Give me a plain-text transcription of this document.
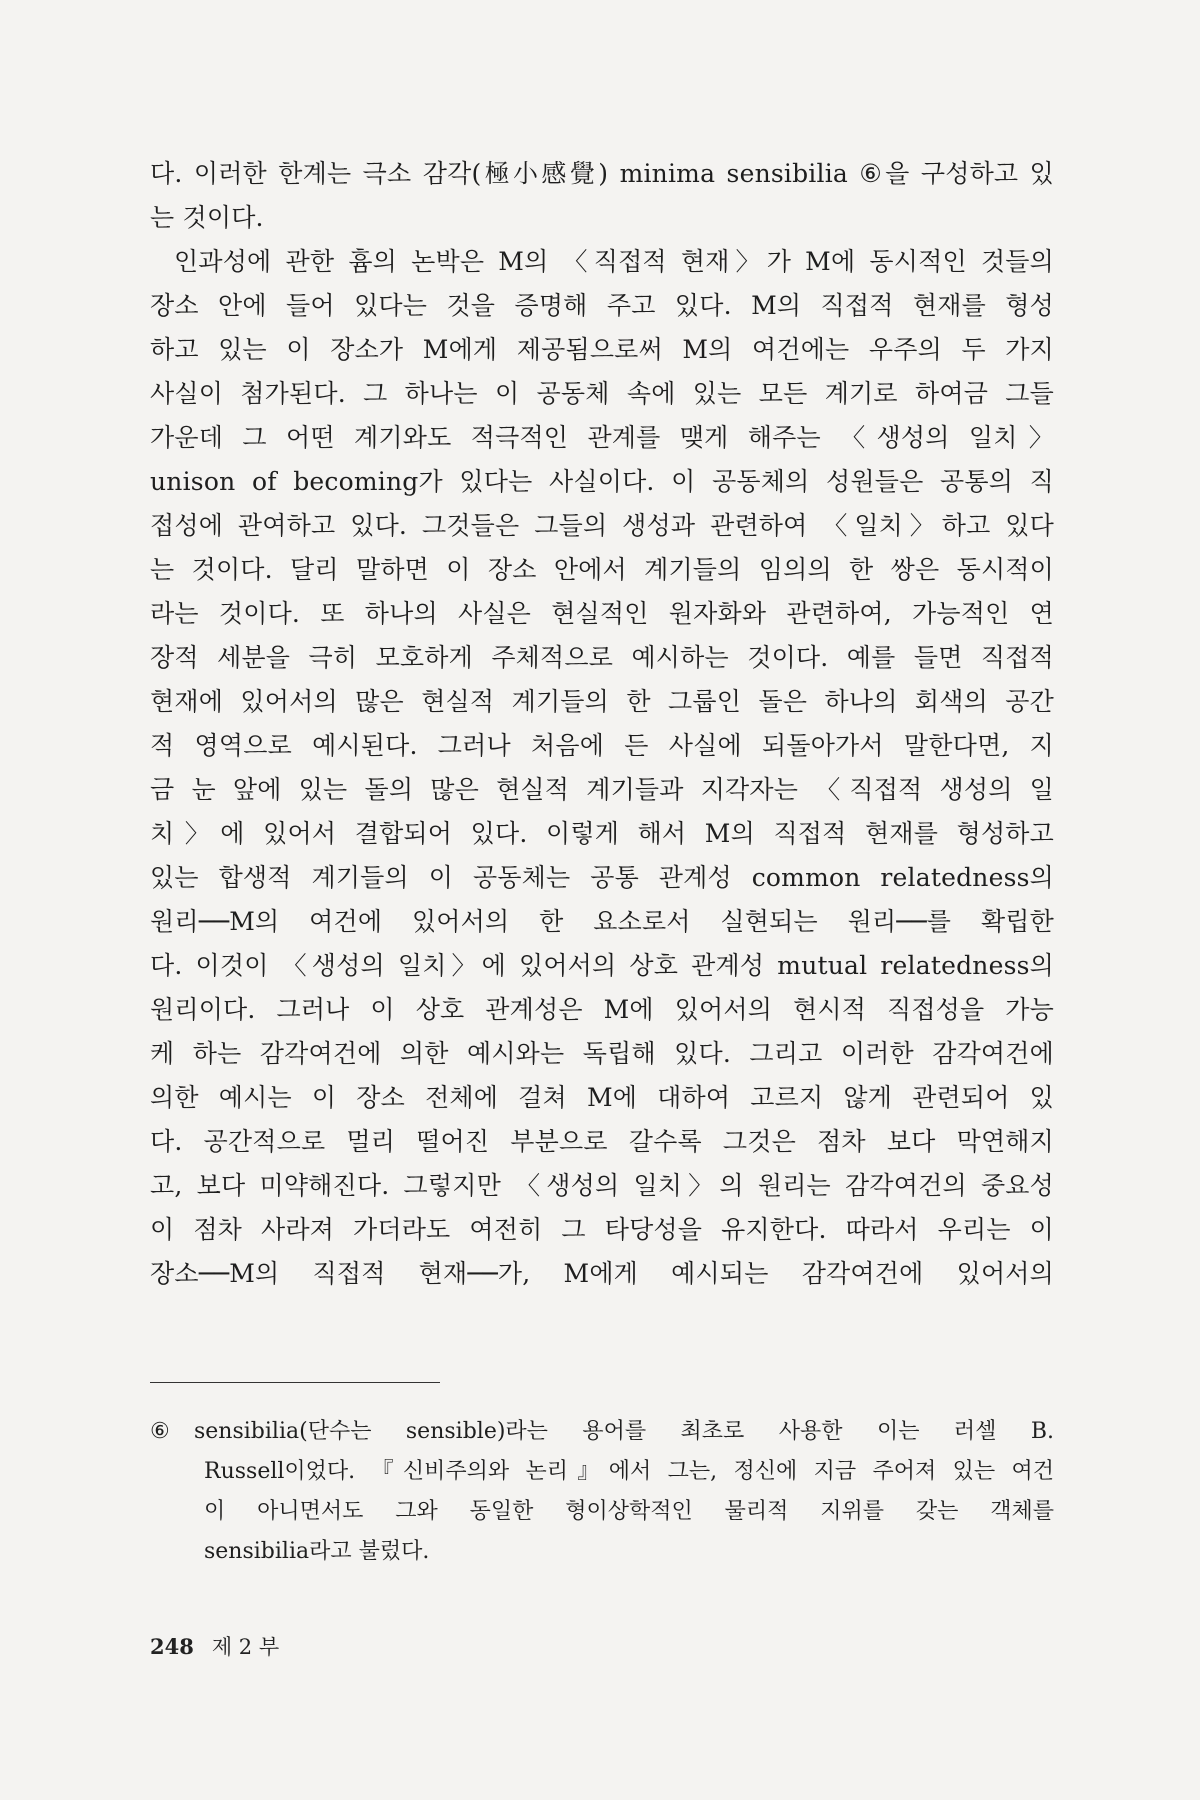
다. 이러한 한계는 극소 감각(極小感覺) minima sensibilia ⑥을 구성하고 있
는 것이다.
인과성에 관한 흄의 논박은 M의 〈직접적 현재〉가 M에 동시적인 것들의
장소 안에 들어 있다는 것을 증명해 주고 있다. M의 직접적 현재를 형성
하고 있는 이 장소가 M에게 제공됨으로써 M의 여건에는 우주의 두 가지
사실이 첨가된다. 그 하나는 이 공동체 속에 있는 모든 계기로 하여금 그들
가운데 그 어떤 계기와도 적극적인 관계를 맺게 해주는 〈생성의 일치〉
unison of becoming가 있다는 사실이다. 이 공동체의 성원들은 공통의 직
접성에 관여하고 있다. 그것들은 그들의 생성과 관련하여 〈일치〉하고 있다
는 것이다. 달리 말하면 이 장소 안에서 계기들의 임의의 한 쌍은 동시적이
라는 것이다. 또 하나의 사실은 현실적인 원자화와 관련하여, 가능적인 연
장적 세분을 극히 모호하게 주체적으로 예시하는 것이다. 예를 들면 직접적
현재에 있어서의 많은 현실적 계기들의 한 그룹인 돌은 하나의 회색의 공간
적 영역으로 예시된다. 그러나 처음에 든 사실에 되돌아가서 말한다면, 지
금 눈 앞에 있는 돌의 많은 현실적 계기들과 지각자는 〈직접적 생성의 일
치〉에 있어서 결합되어 있다. 이렇게 해서 M의 직접적 현재를 형성하고
있는 합생적 계기들의 이 공동체는 공통 관계성 common relatedness의
원리──M의 여건에 있어서의 한 요소로서 실현되는 원리──를 확립한
다. 이것이 〈생성의 일치〉에 있어서의 상호 관계성 mutual relatedness의
원리이다. 그러나 이 상호 관계성은 M에 있어서의 현시적 직접성을 가능
케 하는 감각여건에 의한 예시와는 독립해 있다. 그리고 이러한 감각여건에
의한 예시는 이 장소 전체에 걸쳐 M에 대하여 고르지 않게 관련되어 있
다. 공간적으로 멀리 떨어진 부분으로 갈수록 그것은 점차 보다 막연해지
고, 보다 미약해진다. 그렇지만 〈생성의 일치〉의 원리는 감각여건의 중요성
이 점차 사라져 가더라도 여전히 그 타당성을 유지한다. 따라서 우리는 이
장소──M의 직접적 현재──가, M에게 예시되는 감각여건에 있어서의
⑥ sensibilia(단수는 sensible)라는 용어를 최초로 사용한 이는 러셀 B.
Russell이었다. 『신비주의와 논리』에서 그는, 정신에 지금 주어져 있는 여건
이 아니면서도 그와 동일한 형이상학적인 물리적 지위를 갖는 객체를
sensibilia라고 불렀다.
248 제 2 부
